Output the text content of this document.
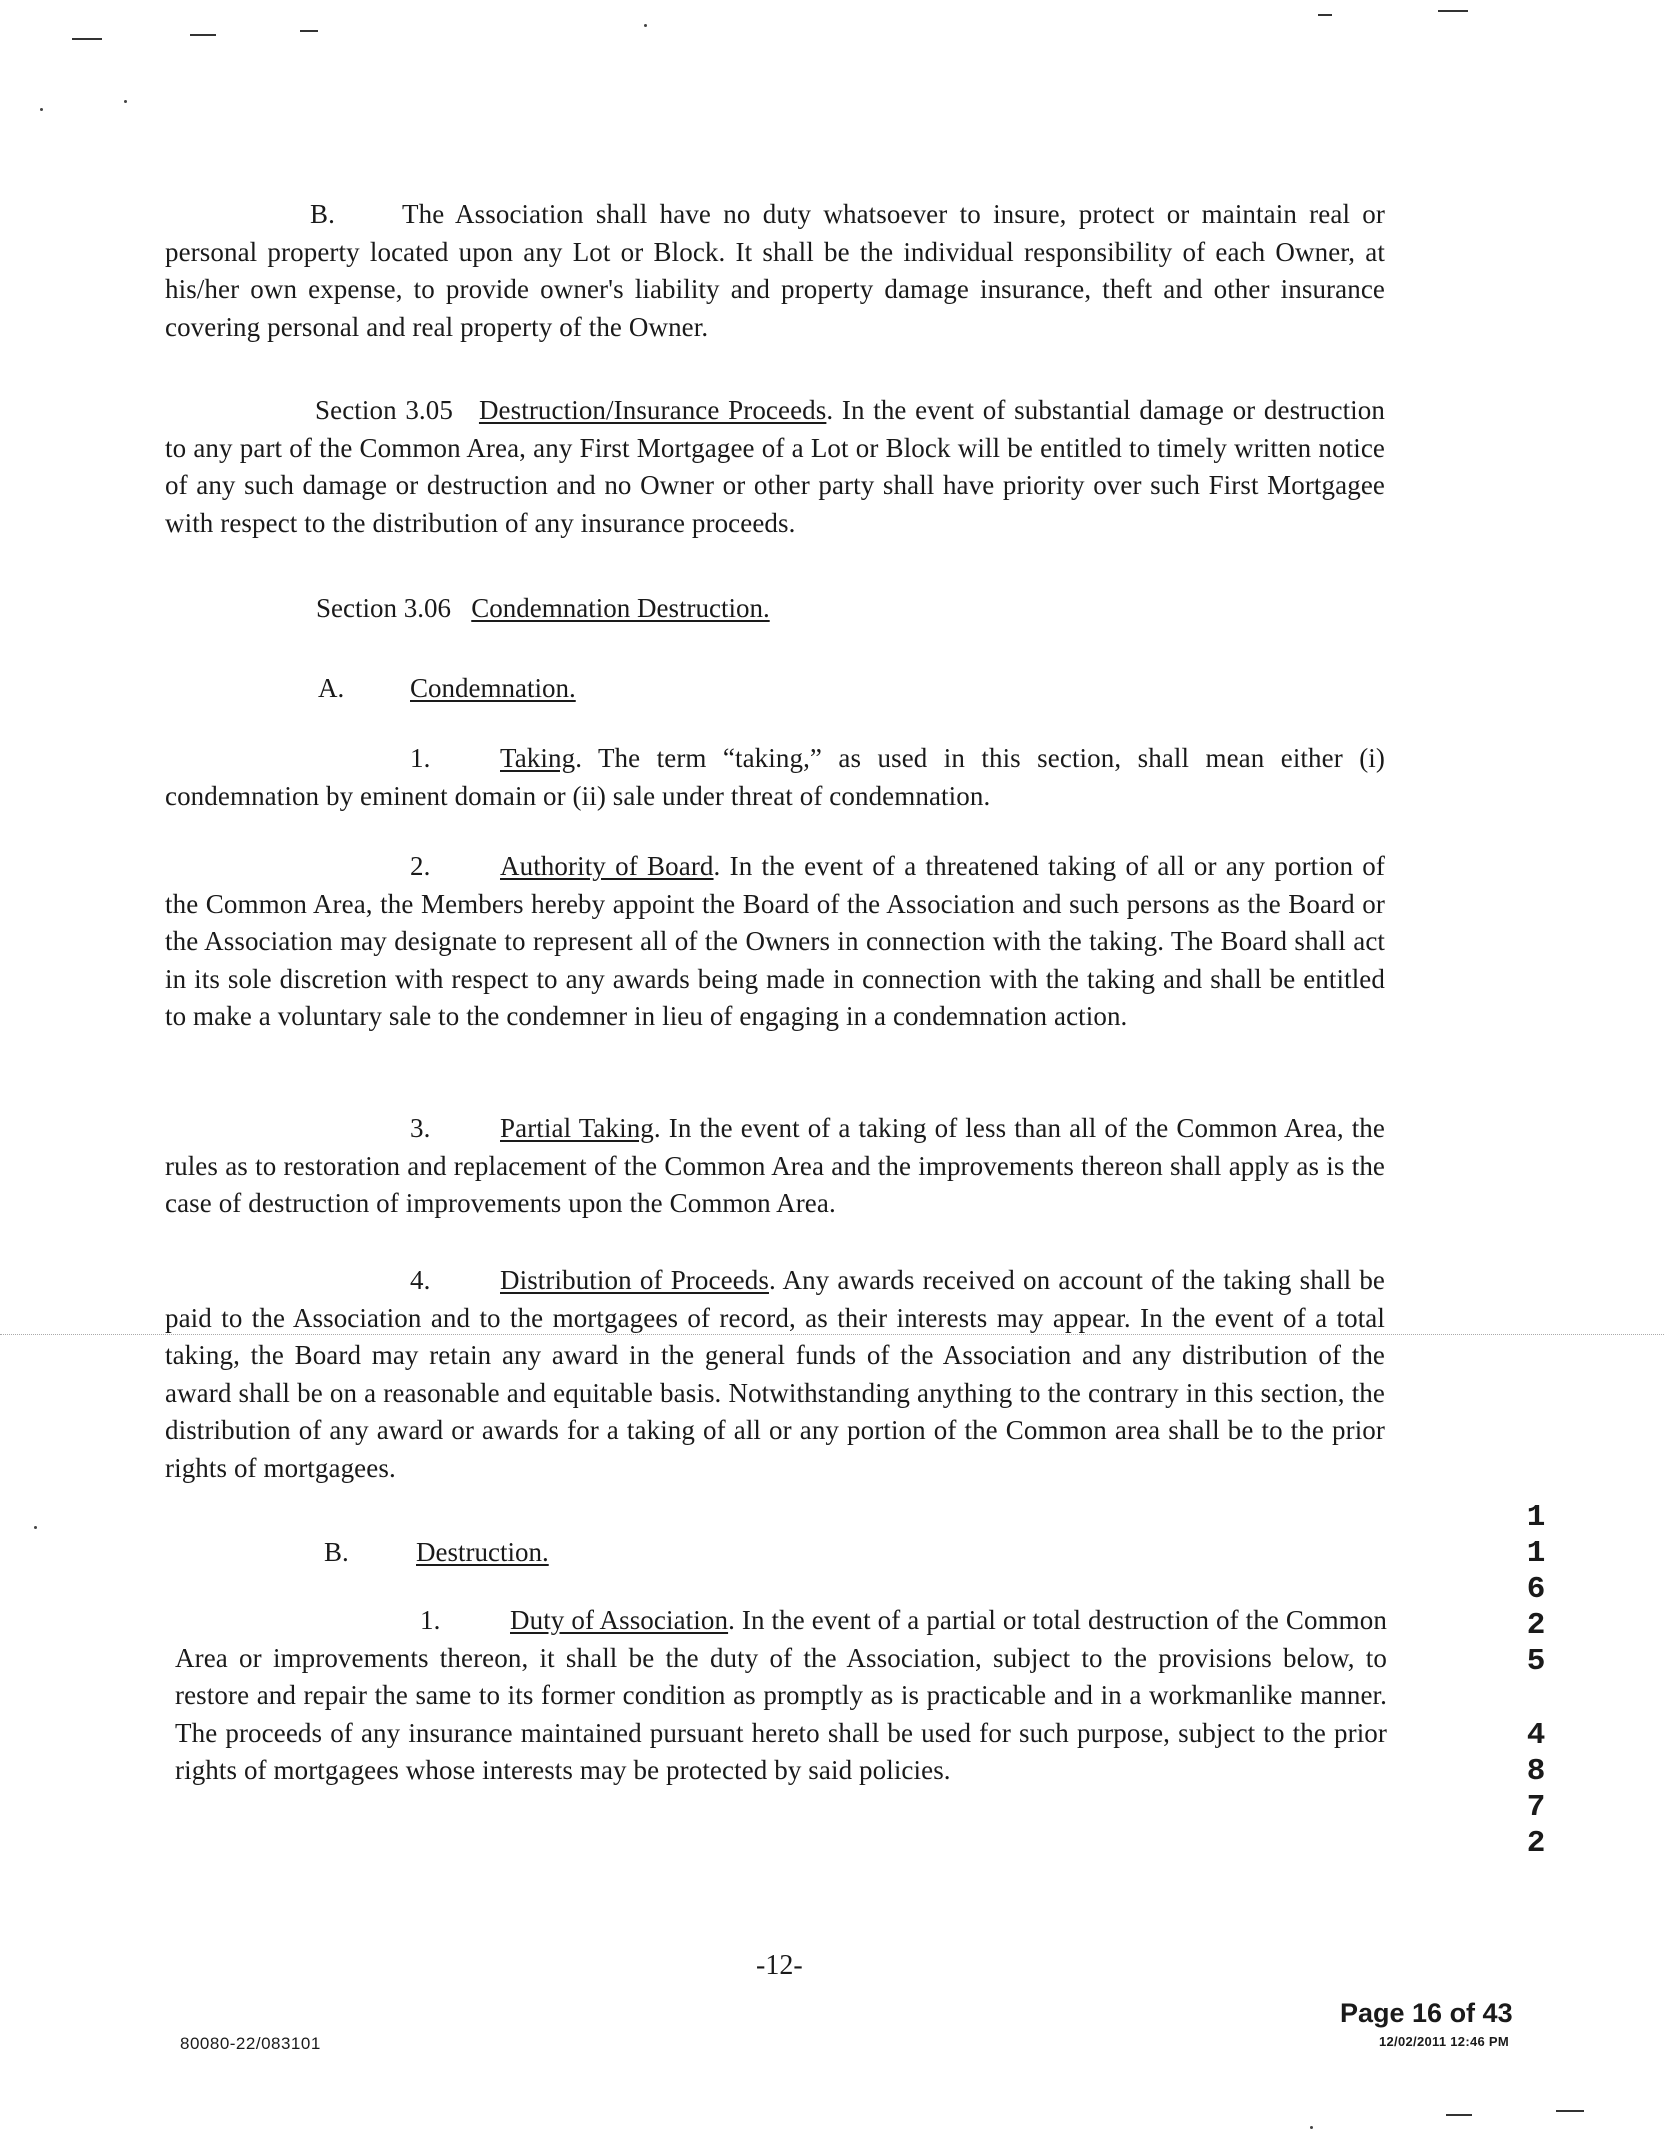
B. The Association shall have no duty whatsoever to insure, protect or maintain real or personal property located upon any Lot or Block. It shall be the individual responsibility of each Owner, at his/her own expense, to provide owner's liability and property damage insurance, theft and other insurance covering personal and real property of the Owner.
Section 3.05 Destruction/Insurance Proceeds. In the event of substantial damage or destruction to any part of the Common Area, any First Mortgagee of a Lot or Block will be entitled to timely written notice of any such damage or destruction and no Owner or other party shall have priority over such First Mortgagee with respect to the distribution of any insurance proceeds.
Section 3.06 Condemnation Destruction.
A. Condemnation.
1.	Taking. The term “taking,” as used in this section, shall mean either (i) condemnation by eminent domain or (ii) sale under threat of condemnation.
2.	Authority of Board. In the event of a threatened taking of all or any portion of the Common Area, the Members hereby appoint the Board of the Association and such persons as the Board or the Association may designate to represent all of the Owners in connection with the taking. The Board shall act in its sole discretion with respect to any awards being made in connection with the taking and shall be entitled to make a voluntary sale to the condemner in lieu of engaging in a condemnation action.
3.	Partial Taking. In the event of a taking of less than all of the Common Area, the rules as to restoration and replacement of the Common Area and the improvements thereon shall apply as is the case of destruction of improvements upon the Common Area.
4.	Distribution of Proceeds. Any awards received on account of the taking shall be paid to the Association and to the mortgagees of record, as their interests may appear. In the event of a total taking, the Board may retain any award in the general funds of the Association and any distribution of the award shall be on a reasonable and equitable basis. Notwithstanding anything to the contrary in this section, the distribution of any award or awards for a taking of all or any portion of the Common area shall be to the prior rights of mortgagees.
B. Destruction.
1.	Duty of Association. In the event of a partial or total destruction of the Common Area or improvements thereon, it shall be the duty of the Association, subject to the provisions below, to restore and repair the same to its former condition as promptly as is practicable and in a workmanlike manner. The proceeds of any insurance maintained pursuant hereto shall be used for such purpose, subject to the prior rights of mortgagees whose interests may be protected by said policies.
1
1
6
2
5
4
8
7
2
-12-
80080-22/083101
Page 16 of 43
12/02/2011 12:46 PM
